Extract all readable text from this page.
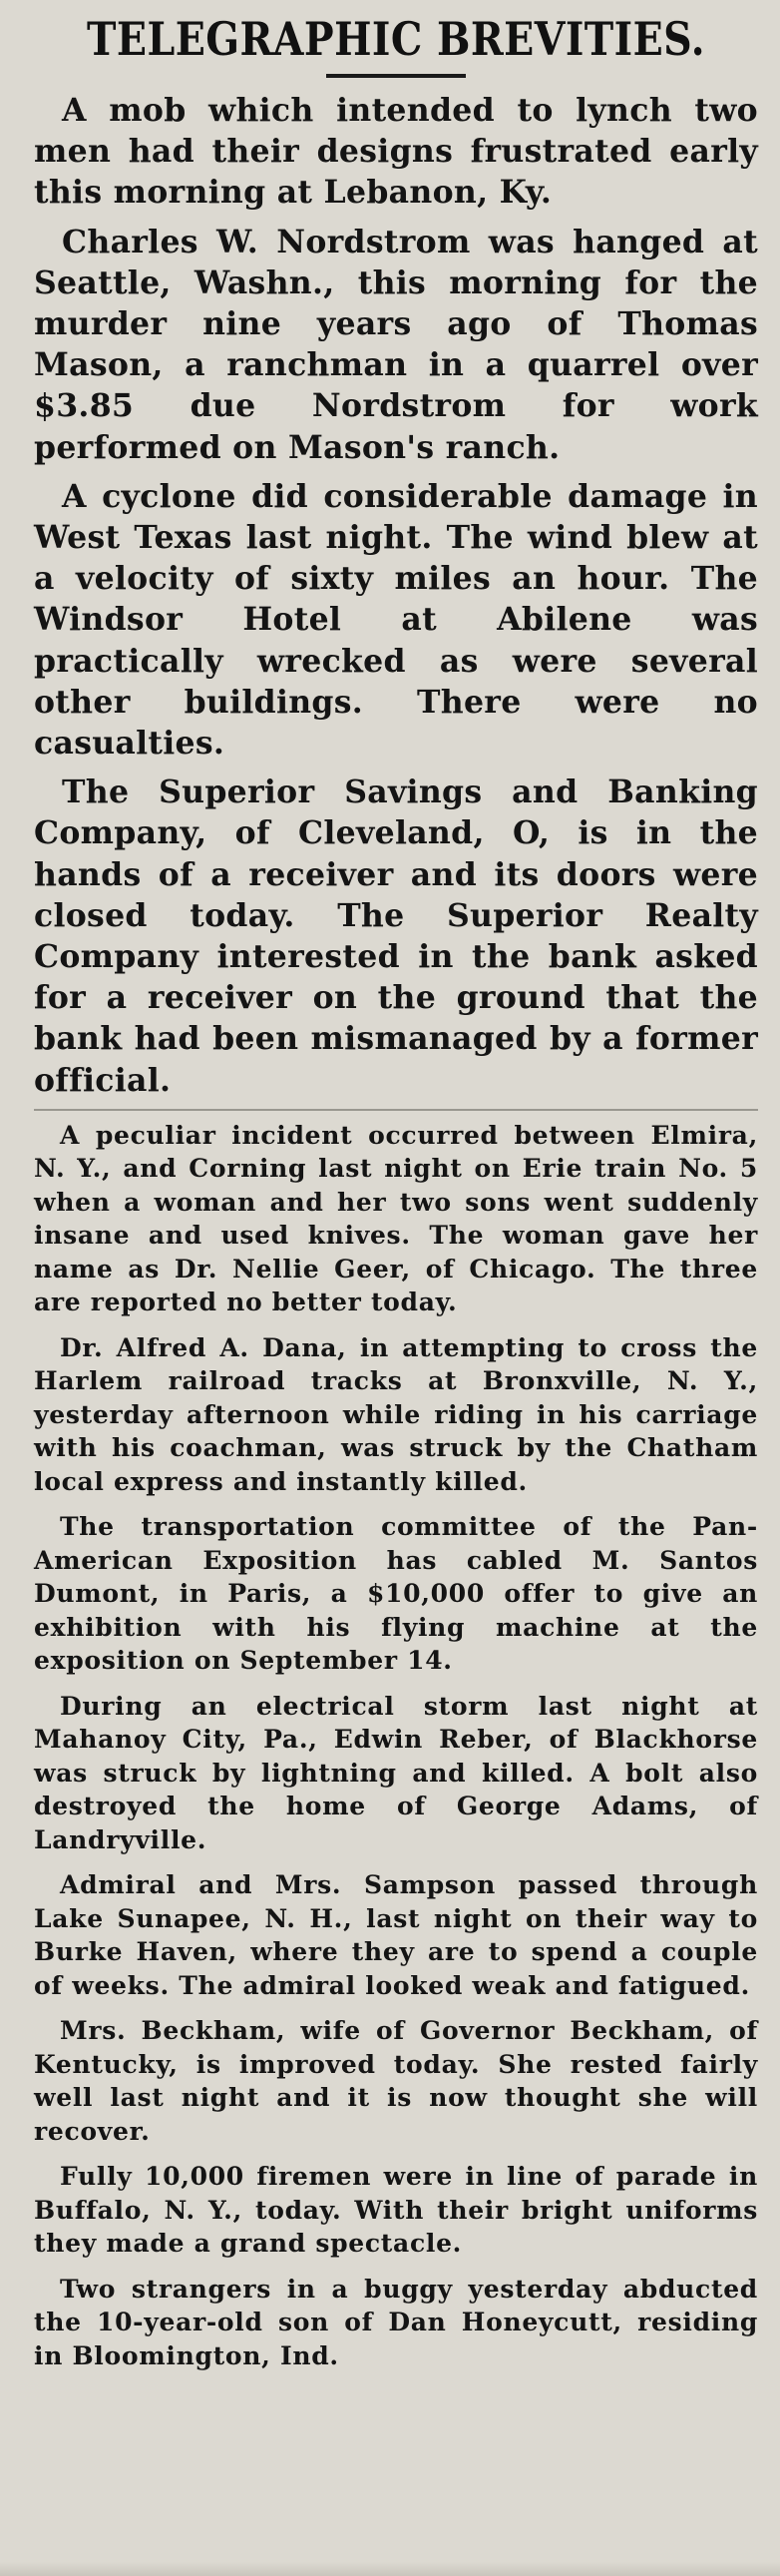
TELEGRAPHIC BREVITIES.

A mob which intended to lynch two men had their designs frustrated early this morning at Lebanon, Ky.

Charles W. Nordstrom was hanged at Seattle, Washn., this morning for the murder nine years ago of Thomas Mason, a ranchman in a quarrel over $3.85 due Nordstrom for work performed on Mason's ranch.

A cyclone did considerable damage in West Texas last night. The wind blew at a velocity of sixty miles an hour. The Windsor Hotel at Abilene was practically wrecked as were several other buildings. There were no casualties.

The Superior Savings and Banking Company, of Cleveland, O, is in the hands of a receiver and its doors were closed today. The Superior Realty Company interested in the bank asked for a receiver on the ground that the bank had been mismanaged by a former official.

A peculiar incident occurred between Elmira, N. Y., and Corning last night on Erie train No. 5 when a woman and her two sons went suddenly insane and used knives. The woman gave her name as Dr. Nellie Geer, of Chicago. The three are reported no better today.

Dr. Alfred A. Dana, in attempting to cross the Harlem railroad tracks at Bronxville, N. Y., yesterday afternoon while riding in his carriage with his coachman, was struck by the Chatham local express and instantly killed.

The transportation committee of the Pan-American Exposition has cabled M. Santos Dumont, in Paris, a $10,000 offer to give an exhibition with his flying machine at the exposition on September 14.

During an electrical storm last night at Mahanoy City, Pa., Edwin Reber, of Blackhorse was struck by lightning and killed. A bolt also destroyed the home of George Adams, of Landryville.

Admiral and Mrs. Sampson passed through Lake Sunapee, N. H., last night on their way to Burke Haven, where they are to spend a couple of weeks. The admiral looked weak and fatigued.

Mrs. Beckham, wife of Governor Beckham, of Kentucky, is improved today. She rested fairly well last night and it is now thought she will recover.

Fully 10,000 firemen were in line of parade in Buffalo, N. Y., today. With their bright uniforms they made a grand spectacle.

Two strangers in a buggy yesterday abducted the 10-year-old son of Dan Honeycutt, residing in Bloomington, Ind.
